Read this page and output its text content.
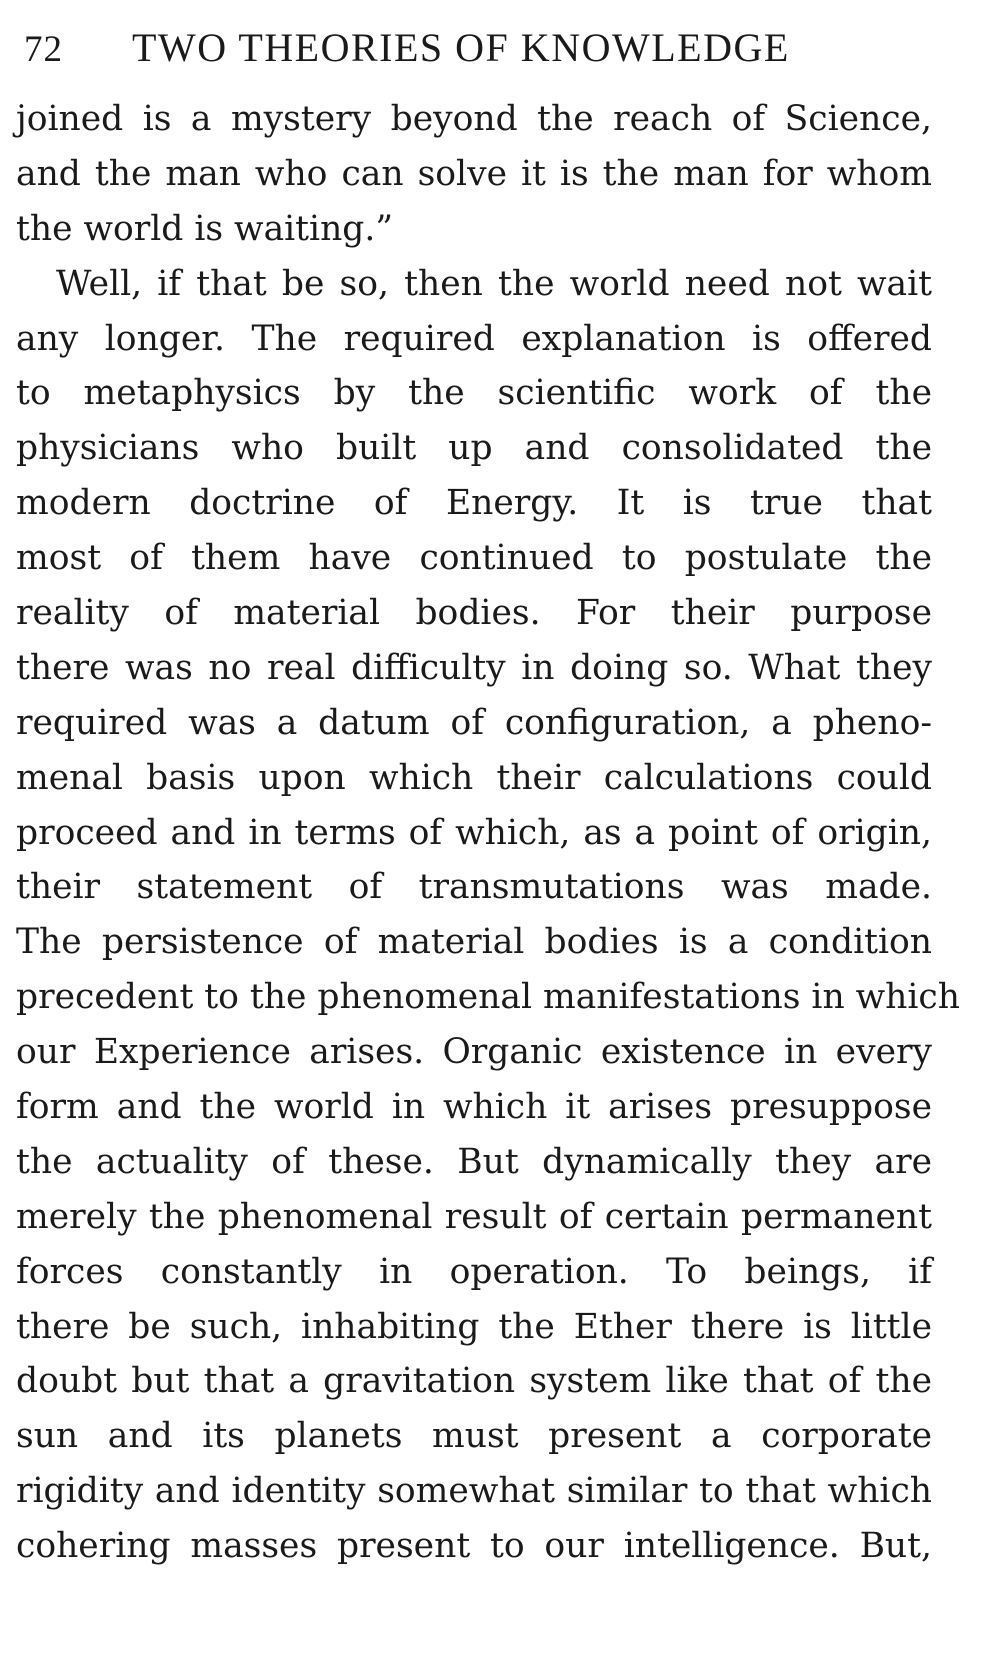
72 TWO THEORIES OF KNOWLEDGE
joined is a mystery beyond the reach of Science,
and the man who can solve it is the man for whom
the world is waiting.”
Well, if that be so, then the world need not wait
any longer. The required explanation is offered
to metaphysics by the scientific work of the
physicians who built up and consolidated the
modern doctrine of Energy. It is true that
most of them have continued to postulate the
reality of material bodies. For their purpose
there was no real difficulty in doing so. What they
required was a datum of configuration, a pheno-
menal basis upon which their calculations could
proceed and in terms of which, as a point of origin,
their statement of transmutations was made.
The persistence of material bodies is a condition
precedent to the phenomenal manifestations in which
our Experience arises. Organic existence in every
form and the world in which it arises presuppose
the actuality of these. But dynamically they are
merely the phenomenal result of certain permanent
forces constantly in operation. To beings, if
there be such, inhabiting the Ether there is little
doubt but that a gravitation system like that of the
sun and its planets must present a corporate
rigidity and identity somewhat similar to that which
cohering masses present to our intelligence. But,
